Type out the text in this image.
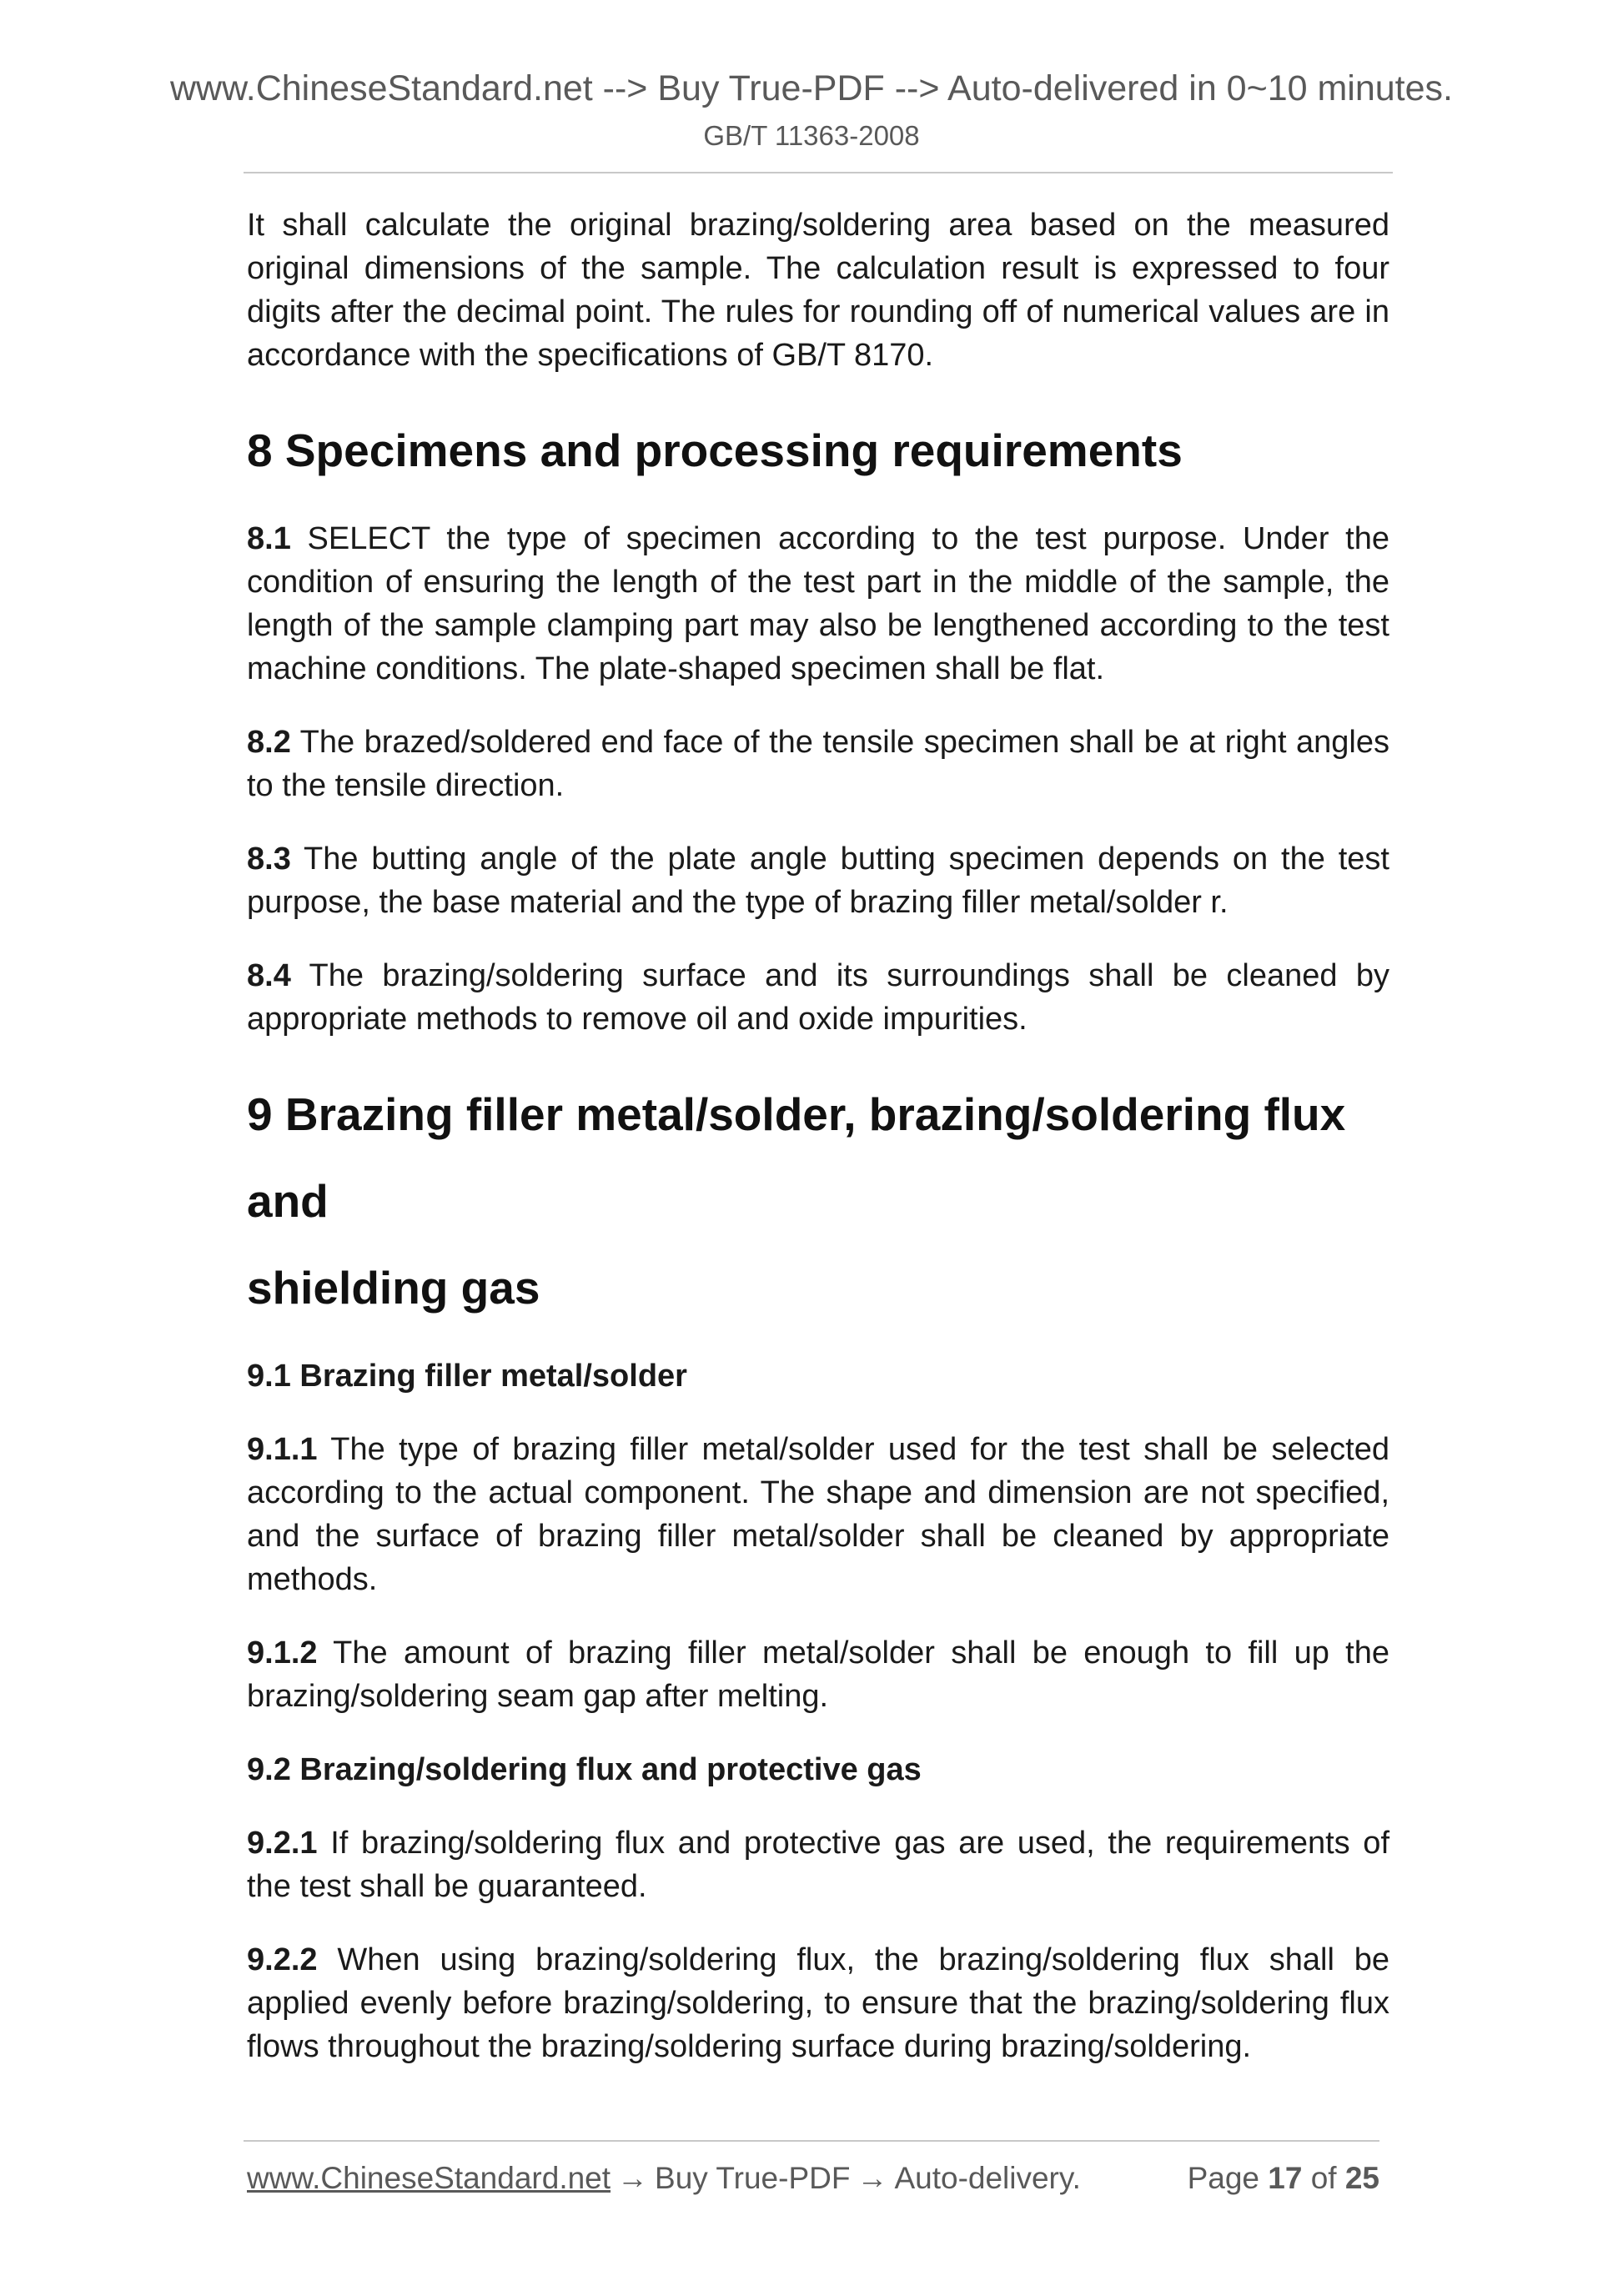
www.ChineseStandard.net --> Buy True-PDF --> Auto-delivered in 0~10 minutes.
GB/T 11363-2008

It shall calculate the original brazing/soldering area based on the measured original dimensions of the sample. The calculation result is expressed to four digits after the decimal point. The rules for rounding off of numerical values are in accordance with the specifications of GB/T 8170.

8 Specimens and processing requirements

8.1 SELECT the type of specimen according to the test purpose. Under the condition of ensuring the length of the test part in the middle of the sample, the length of the sample clamping part may also be lengthened according to the test machine conditions. The plate-shaped specimen shall be flat.

8.2 The brazed/soldered end face of the tensile specimen shall be at right angles to the tensile direction.

8.3 The butting angle of the plate angle butting specimen depends on the test purpose, the base material and the type of brazing filler metal/solder r.

8.4 The brazing/soldering surface and its surroundings shall be cleaned by appropriate methods to remove oil and oxide impurities.

9 Brazing filler metal/solder, brazing/soldering flux and
shielding gas
9.1 Brazing filler metal/solder

9.1.1 The type of brazing filler metal/solder used for the test shall be selected according to the actual component. The shape and dimension are not specified, and the surface of brazing filler metal/solder shall be cleaned by appropriate methods.

9.1.2 The amount of brazing filler metal/solder shall be enough to fill up the brazing/soldering seam gap after melting.

9.2 Brazing/soldering flux and protective gas

9.2.1 If brazing/soldering flux and protective gas are used, the requirements of the test shall be guaranteed.

9.2.2 When using brazing/soldering flux, the brazing/soldering flux shall be applied evenly before brazing/soldering, to ensure that the brazing/soldering flux flows throughout the brazing/soldering surface during brazing/soldering.

www.ChineseStandard.net → Buy True-PDF → Auto-delivery.	Page 17 of 25
